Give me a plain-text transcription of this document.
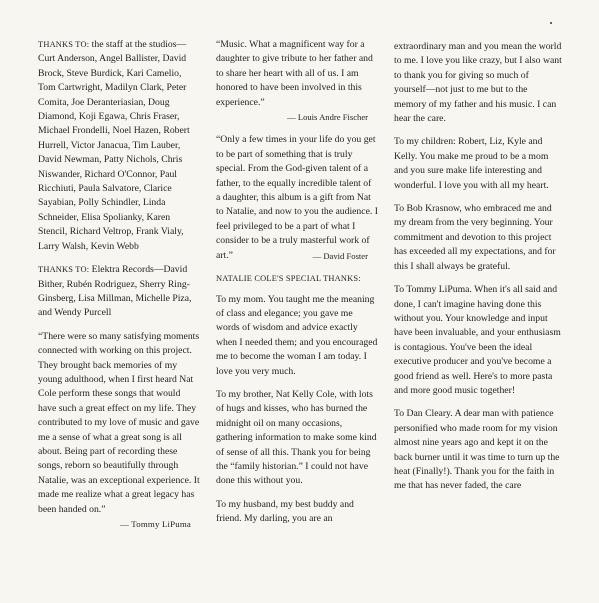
THANKS TO: the staff at the studios—Curt Anderson, Angel Ballister, David Brock, Steve Burdick, Kari Camelio, Tom Cartwright, Madilyn Clark, Peter Comita, Joe Deranteriasian, Doug Diamond, Koji Egawa, Chris Fraser, Michael Frondelli, Noel Hazen, Robert Hurrell, Victor Janacua, Tim Lauber, David Newman, Patty Nichols, Chris Niswander, Richard O'Connor, Paul Ricchiuti, Paula Salvatore, Clarice Sayabian, Polly Schindler, Linda Schneider, Elisa Spolianky, Karen Stencil, Richard Veltrop, Frank Vialy, Larry Walsh, Kevin Webb

THANKS TO: Elektra Records—David Bither, Rubén Rodriguez, Sherry Ring-Ginsberg, Lisa Millman, Michelle Piza, and Wendy Purcell

“There were so many satisfying moments connected with working on this project. They brought back memories of my young adulthood, when I first heard Nat Cole perform these songs that would have such a great effect on my life. They contributed to my love of music and gave me a sense of what a great song is all about. Being part of recording these songs, reborn so beautifully through Natalie, was an exceptional experience. It made me realize what a great legacy has been handed on.”
— Tommy LiPuma

“Music. What a magnificent way for a daughter to give tribute to her father and to share her heart with all of us. I am honored to have been involved in this experience.”
— Louis Andre Fischer

“Only a few times in your life do you get to be part of something that is truly special. From the God-given talent of a father, to the equally incredible talent of a daughter, this album is a gift from Nat to Natalie, and now to you the audience. I feel privileged to be a part of what I consider to be a truly masterful work of art.”	— David Foster

NATALIE COLE'S SPECIAL THANKS:

To my mom. You taught me the meaning of class and elegance; you gave me words of wisdom and advice exactly when I needed them; and you encouraged me to become the woman I am today. I love you very much.

To my brother, Nat Kelly Cole, with lots of hugs and kisses, who has burned the midnight oil on many occasions, gathering information to make some kind of sense of all this. Thank you for being the “family historian.” I could not have done this without you.

To my husband, my best buddy and friend. My darling, you are an

extraordinary man and you mean the world to me. I love you like crazy, but I also want to thank you for giving so much of yourself—not just to me but to the memory of my father and his music. I can hear the care.

To my children: Robert, Liz, Kyle and Kelly. You make me proud to be a mom and you sure make life interesting and wonderful. I love you with all my heart.

To Bob Krasnow, who embraced me and my dream from the very beginning. Your commitment and devotion to this project has exceeded all my expectations, and for this I shall always be grateful.

To Tommy LiPuma. When it's all said and done, I can't imagine having done this without you. Your knowledge and input have been invaluable, and your enthusiasm is contagious. You've been the ideal executive producer and you've become a good friend as well. Here's to more pasta and more good music together!

To Dan Cleary. A dear man with patience personified who made room for my vision almost nine years ago and kept it on the back burner until it was time to turn up the heat (Finally!). Thank you for the faith in me that has never faded, the care
